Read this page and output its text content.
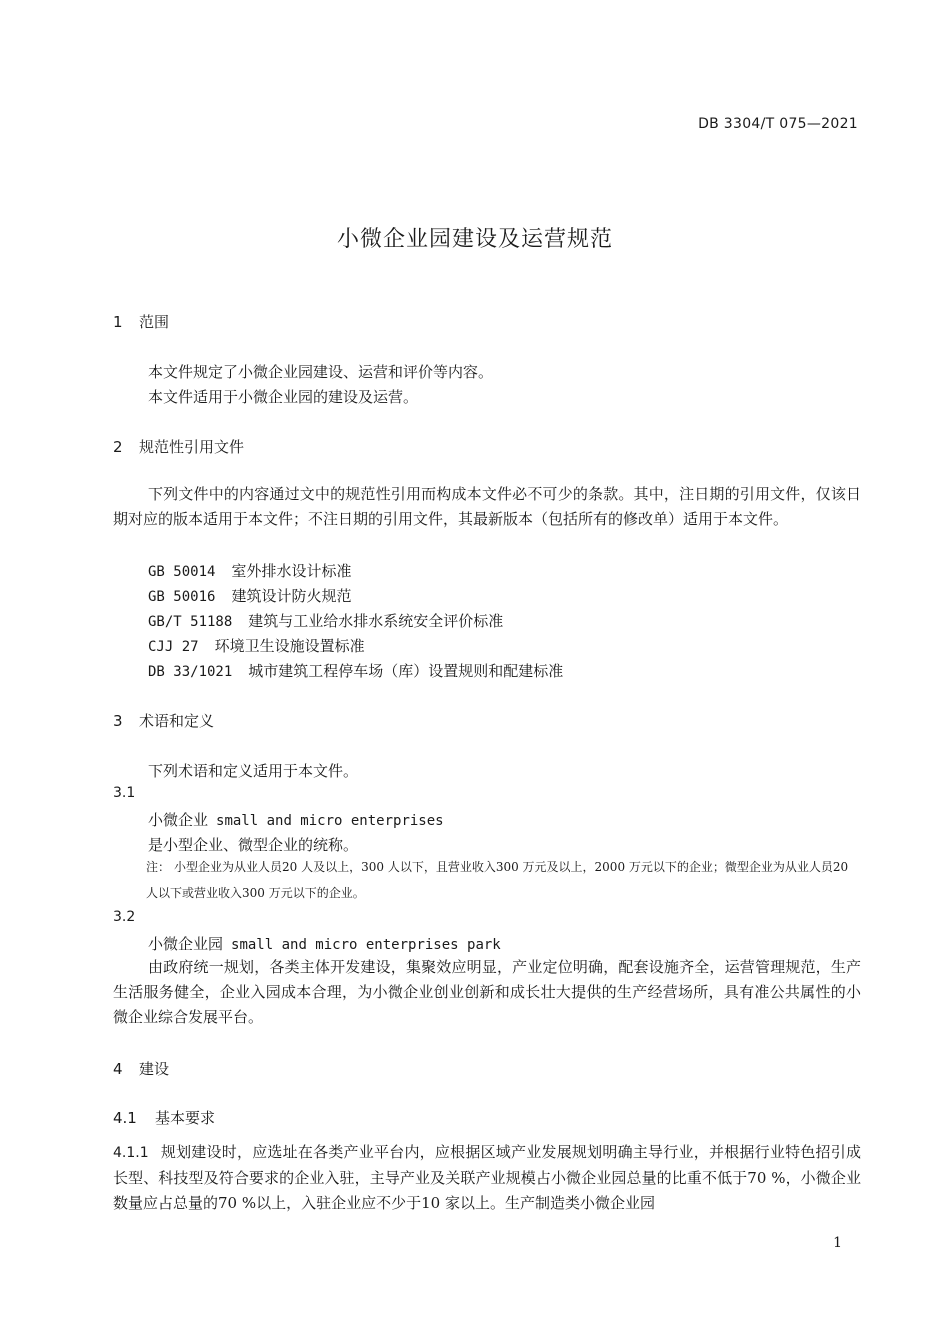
DB 3304/T 075—2021
小微企业园建设及运营规范
1 范围
本文件规定了小微企业园建设、运营和评价等内容。
本文件适用于小微企业园的建设及运营。
2 规范性引用文件

下列文件中的内容通过文中的规范性引用而构成本文件必不可少的条款。其中，注日期的引用文件，仅该日期对应的版本适用于本文件；不注日期的引用文件，其最新版本（包括所有的修改单）适用于本文件。

GB 50014 室外排水设计标准
GB 50016 建筑设计防火规范
GB/T 51188 建筑与工业给水排水系统安全评价标准
CJJ 27 环境卫生设施设置标准
DB 33/1021 城市建筑工程停车场（库）设置规则和配建标准
3 术语和定义
下列术语和定义适用于本文件。
3.1
小微企业 small and micro enterprises
是小型企业、微型企业的统称。

注： 小型企业为从业人员20 人及以上，300 人以下，且营业收入300 万元及以上，2000 万元以下的企业；微型企业为从业人员20 人以下或营业收入300 万元以下的企业。

3.2
小微企业园 small and micro enterprises park

由政府统一规划，各类主体开发建设，集聚效应明显，产业定位明确，配套设施齐全，运营管理规范，生产生活服务健全，企业入园成本合理，为小微企业创业创新和成长壮大提供的生产经营场所，具有准公共属性的小微企业综合发展平台。

4 建设
4.1 基本要求

4.1.1 规划建设时，应选址在各类产业平台内，应根据区域产业发展规划明确主导行业，并根据行业特色招引成长型、科技型及符合要求的企业入驻，主导产业及关联产业规模占小微企业园总量的比重不低于70 %，小微企业数量应占总量的70 %以上，入驻企业应不少于10 家以上。生产制造类小微企业园

1
